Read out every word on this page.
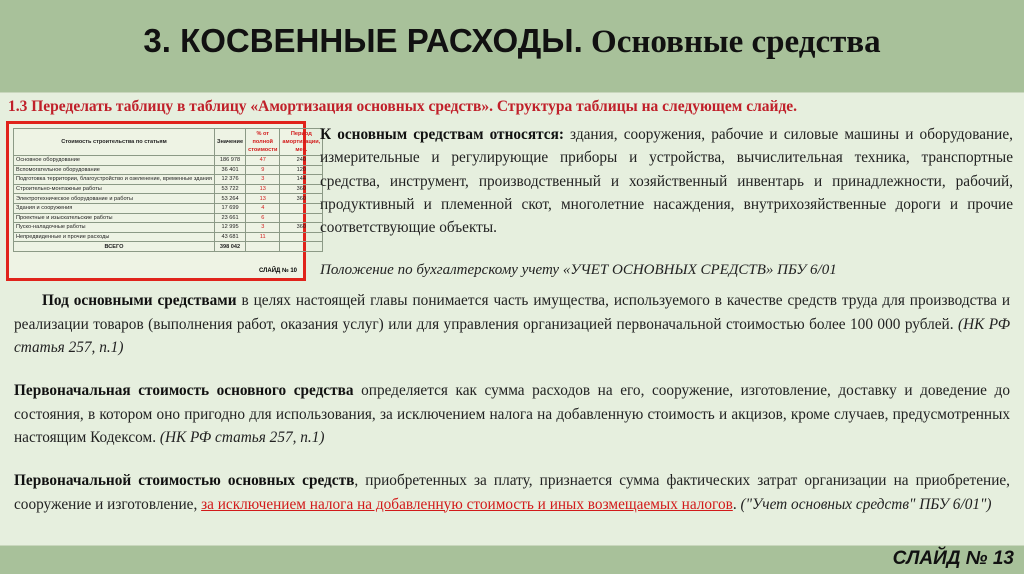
3. КОСВЕННЫЕ РАСХОДЫ. Основные средства
1.3 Переделать таблицу в таблицу «Амортизация основных средств». Структура таблицы на следующем слайде.
Стоимость строительства по статьям	Значение	% от полной стоимости	Период амортизации, мес.
Основное оборудование	186 978	47	240
Вспомогательное оборудование	36 401	9	120
Подготовка территории, благоустройство и озеленение, временные здания	12 376	3	144
Строительно-монтажные работы	53 722	13	360
Электротехническое оборудование и работы	53 264	13	360
Здания и сооружения	17 699	4	
Проектные и изыскательские работы	23 661	6	
Пуско-наладочные работы	12 995	3	360
Непредвиденные и прочие расходы	43 681	11	
ВСЕГО	398 042		
СЛАЙД № 10
К основным средствам относятся: здания, сооружения, рабочие и силовые машины и оборудование, измерительные и регулирующие приборы и устройства, вычислительная техника, транспортные средства, инструмент, производственный и хозяйственный инвентарь и принадлежности, рабочий, продуктивный и племенной скот, многолетние насаждения, внутрихозяйственные дороги и прочие соответствующие объекты.
Положение по бухгалтерскому учету «УЧЕТ ОСНОВНЫХ СРЕДСТВ» ПБУ 6/01
Под основными средствами в целях настоящей главы понимается часть имущества, используемого в качестве средств труда для производства и реализации товаров (выполнения работ, оказания услуг) или для управления организацией первоначальной стоимостью более 100 000 рублей. (НК РФ статья 257, п.1)
Первоначальная стоимость основного средства определяется как сумма расходов на его, сооружение, изготовление, доставку и доведение до состояния, в котором оно пригодно для использования, за исключением налога на добавленную стоимость и акцизов, кроме случаев, предусмотренных настоящим Кодексом. (НК РФ статья 257, п.1)
Первоначальной стоимостью основных средств, приобретенных за плату, признается сумма фактических затрат организации на приобретение, сооружение и изготовление, за исключением налога на добавленную стоимость и иных возмещаемых налогов. ("Учет основных средств" ПБУ 6/01")
СЛАЙД № 13
